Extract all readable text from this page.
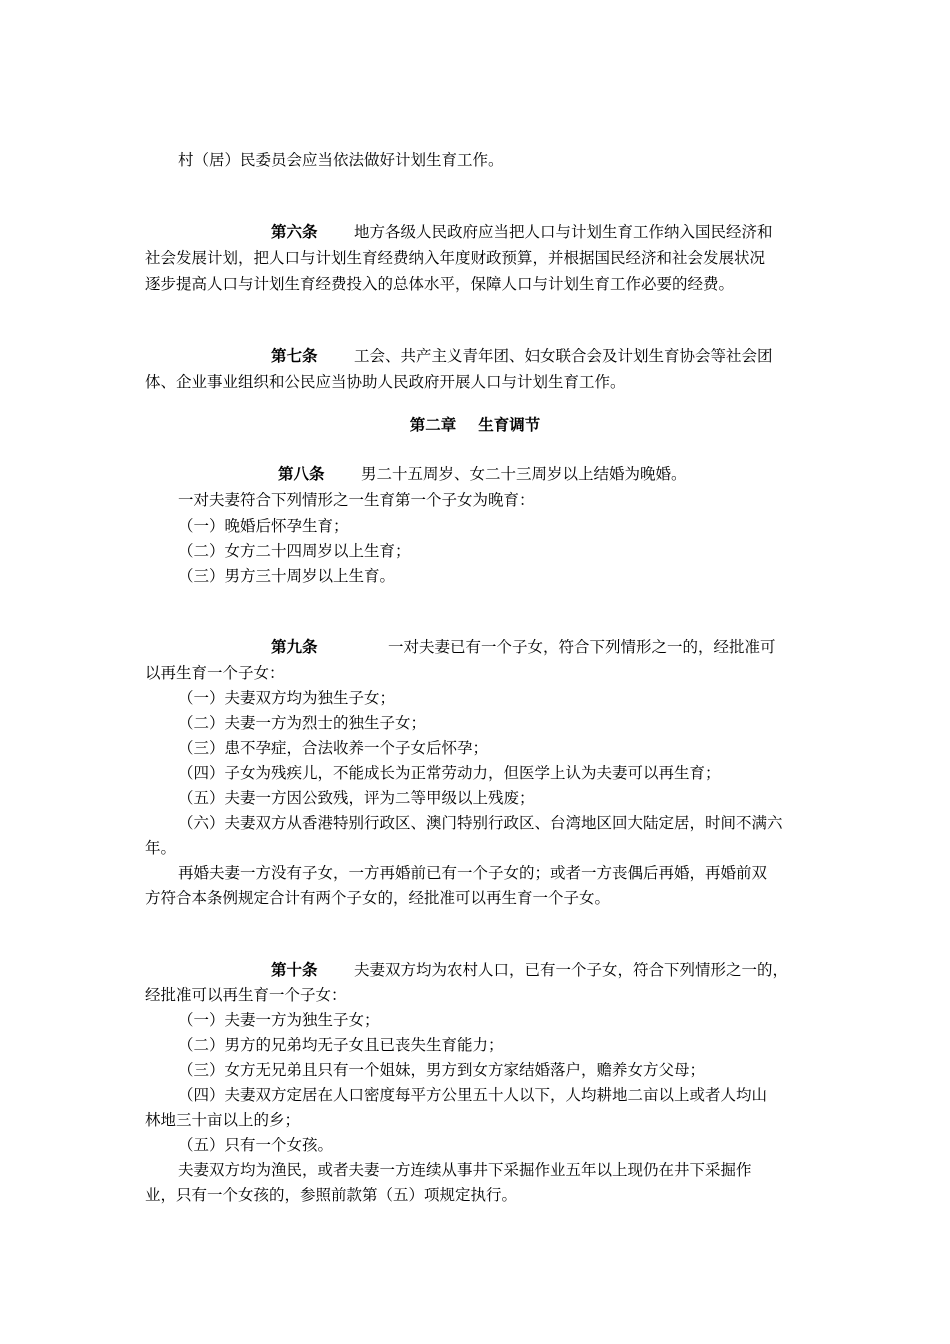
村（居）民委员会应当依法做好计划生育工作。
第六条 地方各级人民政府应当把人口与计划生育工作纳入国民经济和
社会发展计划，把人口与计划生育经费纳入年度财政预算，并根据国民经济和社会发展状况
逐步提高人口与计划生育经费投入的总体水平，保障人口与计划生育工作必要的经费。
第七条 工会、共产主义青年团、妇女联合会及计划生育协会等社会团
体、企业事业组织和公民应当协助人民政府开展人口与计划生育工作。
第二章 生育调节
第八条 男二十五周岁、女二十三周岁以上结婚为晚婚。
一对夫妻符合下列情形之一生育第一个子女为晚育：
（一）晚婚后怀孕生育；
（二）女方二十四周岁以上生育；
（三）男方三十周岁以上生育。
第九条	一对夫妻已有一个子女，符合下列情形之一的，经批准可
以再生育一个子女：
（一）夫妻双方均为独生子女；
（二）夫妻一方为烈士的独生子女；
（三）患不孕症，合法收养一个子女后怀孕；
（四）子女为残疾儿，不能成长为正常劳动力，但医学上认为夫妻可以再生育；
（五）夫妻一方因公致残，评为二等甲级以上残废；
（六）夫妻双方从香港特别行政区、澳门特别行政区、台湾地区回大陆定居，时间不满六
年。
再婚夫妻一方没有子女，一方再婚前已有一个子女的；或者一方丧偶后再婚，再婚前双
方符合本条例规定合计有两个子女的，经批准可以再生育一个子女。
第十条 夫妻双方均为农村人口，已有一个子女，符合下列情形之一的，
经批准可以再生育一个子女：
（一）夫妻一方为独生子女；
（二）男方的兄弟均无子女且已丧失生育能力；
（三）女方无兄弟且只有一个姐妹，男方到女方家结婚落户，赡养女方父母；
（四）夫妻双方定居在人口密度每平方公里五十人以下，人均耕地二亩以上或者人均山
林地三十亩以上的乡；
（五）只有一个女孩。
夫妻双方均为渔民，或者夫妻一方连续从事井下采掘作业五年以上现仍在井下采掘作
业，只有一个女孩的，参照前款第（五）项规定执行。
